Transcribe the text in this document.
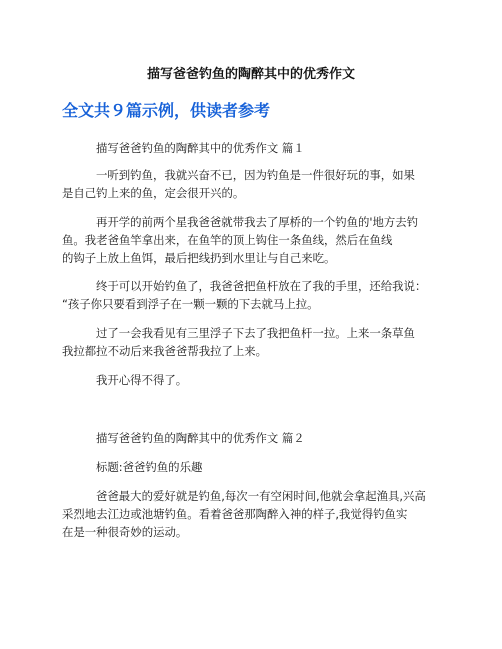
描写爸爸钓鱼的陶醉其中的优秀作文
全文共９篇示例，供读者参考
描写爸爸钓鱼的陶醉其中的优秀作文 篇１
一听到钓鱼，我就兴奋不已，因为钓鱼是一件很好玩的事，如果
是自己钓上来的鱼，定会很开兴的。
再开学的前两个星我爸爸就带我去了厚桥的一个钓鱼的'地方去钓
鱼。我老爸鱼竿拿出来，在鱼竿的顶上钩住一条鱼线，然后在鱼线
的钩子上放上鱼饵，最后把线扔到水里让与自己来吃。
终于可以开始钓鱼了，我爸爸把鱼杆放在了我的手里，还给我说：
“孩子你只要看到浮子在一颗一颗的下去就马上拉。
过了一会我看见有三里浮子下去了我把鱼杆一拉。上来一条草鱼
我拉都拉不动后来我爸爸帮我拉了上来。
我开心得不得了。
描写爸爸钓鱼的陶醉其中的优秀作文 篇２
标题:爸爸钓鱼的乐趣
爸爸最大的爱好就是钓鱼,每次一有空闲时间,他就会拿起渔具,兴高
采烈地去江边或池塘钓鱼。看着爸爸那陶醉入神的样子,我觉得钓鱼实
在是一种很奇妙的运动。
